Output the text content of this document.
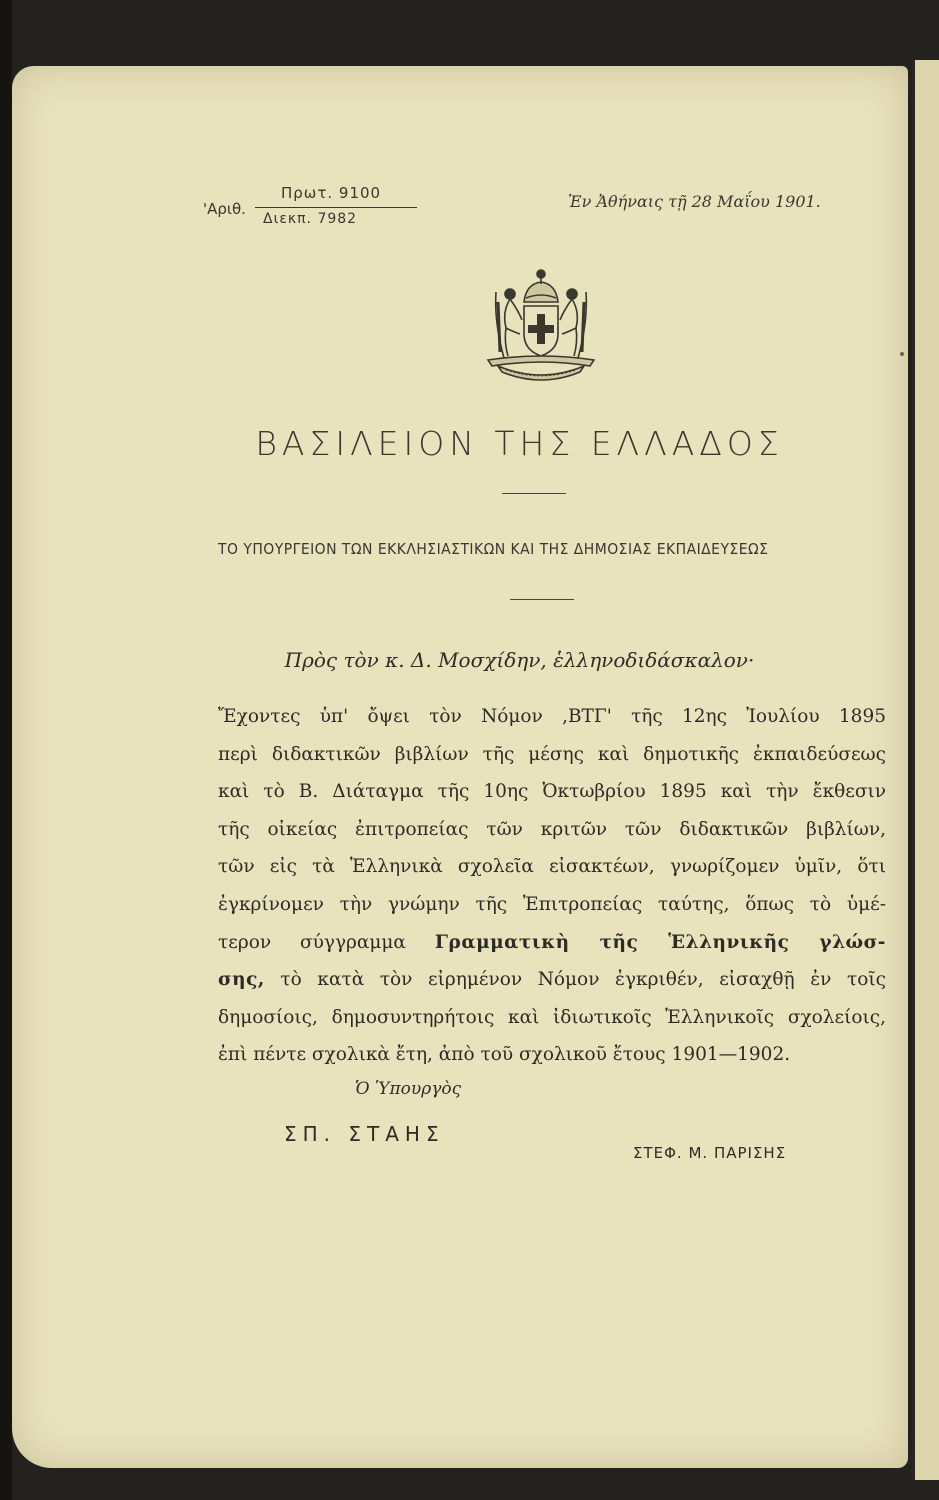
'Αριθ.
Πρωτ. 9100
Διεκπ. 7982
Ἐν Ἀθήναις τῇ 28 Μαΐου 1901.
ΒΑΣΙΛΕΙΟΝ ΤΗΣ ΕΛΛΑΔΟΣ
ΤΟ ΥΠΟΥΡΓΕΙΟΝ ΤΩΝ ΕΚΚΛΗΣΙΑΣΤΙΚΩΝ ΚΑΙ ΤΗΣ ΔΗΜΟΣΙΑΣ ΕΚΠΑΙΔΕΥΣΕΩΣ
Πρὸς τὸν κ. Δ. Μοσχίδην, ἑλληνοδιδάσκαλον·
Ἔχοντες ὑπ' ὄψει τὸν Νόμον ,ΒΤΓ' τῆς 12ης Ἰουλίου 1895
περὶ διδακτικῶν βιβλίων τῆς μέσης καὶ δημοτικῆς ἐκπαιδεύσεως
καὶ τὸ Β. Διάταγμα τῆς 10ης Ὀκτωβρίου 1895 καὶ τὴν ἔκθεσιν
τῆς οἰκείας ἐπιτροπείας τῶν κριτῶν τῶν διδακτικῶν βιβλίων,
τῶν εἰς τὰ Ἑλληνικὰ σχολεῖα εἰσακτέων, γνωρίζομεν ὑμῖν, ὅτι
ἐγκρίνομεν τὴν γνώμην τῆς Ἐπιτροπείας ταύτης, ὅπως τὸ ὑμέ-
τερον σύγγραμμα Γραμματικὴ τῆς Ἑλληνικῆς γλώσ-
σης, τὸ κατὰ τὸν εἰρημένον Νόμον ἐγκριθέν, εἰσαχθῇ ἐν τοῖς
δημοσίοις, δημοσυντηρήτοις καὶ ἰδιωτικοῖς Ἑλληνικοῖς σχολείοις,
ἐπὶ πέντε σχολικὰ ἔτη, ἀπὸ τοῦ σχολικοῦ ἔτους 1901—1902.
Ὁ Ὑπουργὸς
ΣΠ. ΣΤΑΗΣ
ΣΤΕΦ. Μ. ΠΑΡΙΣΗΣ
